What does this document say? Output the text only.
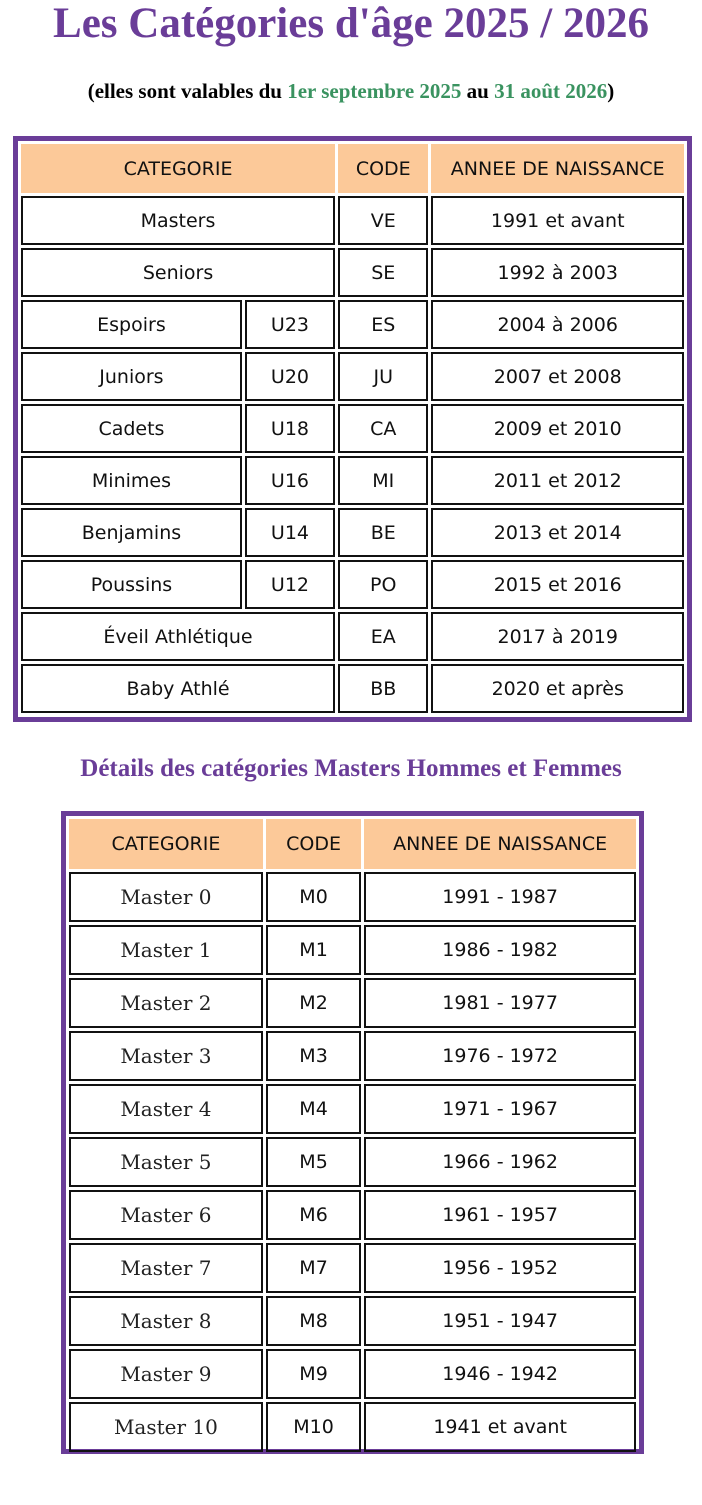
Les Catégories d'âge 2025 / 2026
(elles sont valables du 1er septembre 2025 au 31 août 2026)
CATEGORIE		CODE	ANNEE DE NAISSANCE
Masters		VE	1991 et avant
Seniors		SE	1992 à 2003
Espoirs	U23	ES	2004 à 2006
Juniors	U20	JU	2007 et 2008
Cadets	U18	CA	2009 et 2010
Minimes	U16	MI	2011 et 2012
Benjamins	U14	BE	2013 et 2014
Poussins	U12	PO	2015 et 2016
Éveil Athlétique		EA	2017 à 2019
Baby Athlé		BB	2020 et après
Détails des catégories Masters Hommes et Femmes
CATEGORIE	CODE	ANNEE DE NAISSANCE
Master 0	M0	1991 - 1987
Master 1	M1	1986 - 1982
Master 2	M2	1981 - 1977
Master 3	M3	1976 - 1972
Master 4	M4	1971 - 1967
Master 5	M5	1966 - 1962
Master 6	M6	1961 - 1957
Master 7	M7	1956 - 1952
Master 8	M8	1951 - 1947
Master 9	M9	1946 - 1942
Master 10	M10	1941 et avant
